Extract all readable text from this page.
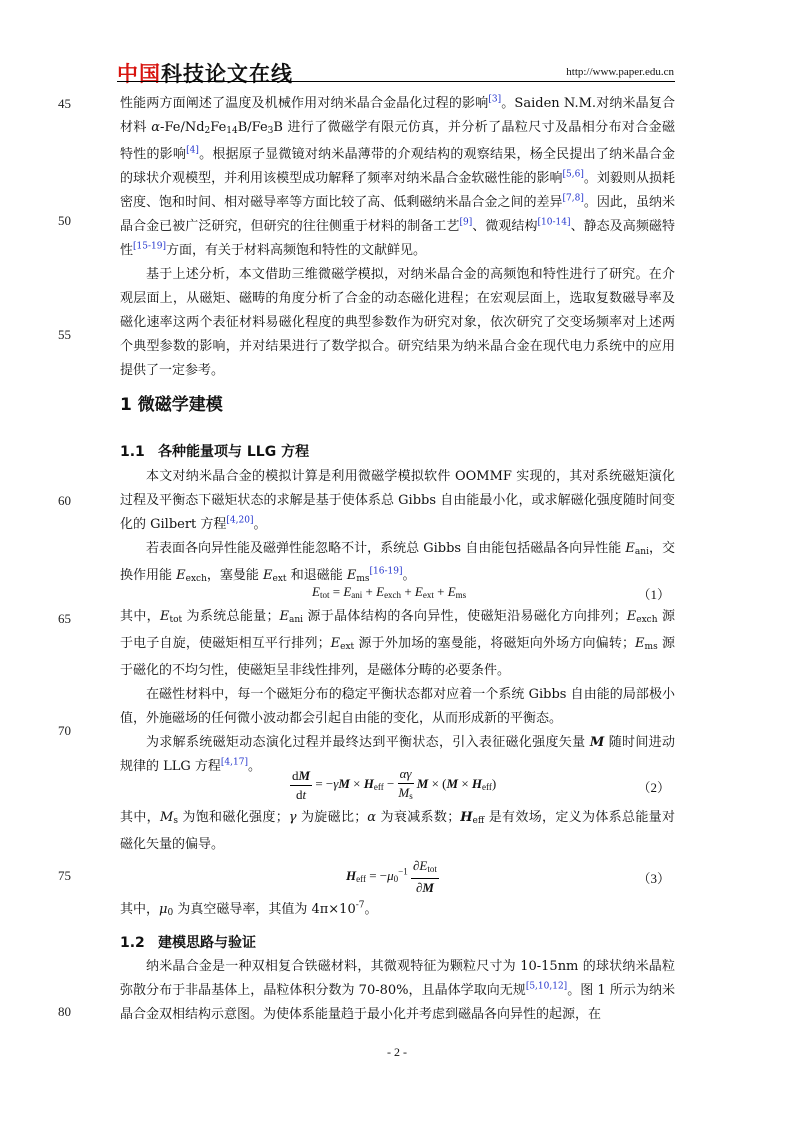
中国科技论文在线	http://www.paper.edu.cn
45
50
55
60
65
70
75
80

性能两方面阐述了温度及机械作用对纳米晶合金晶化过程的影响[3]。Saiden N.M.对纳米晶复合材料 $\alpha-Fe/Nd_2Fe_{14}B/Fe_3B$ 进行了微磁学有限元仿真，并分析了晶粒尺寸及晶相分布对合金磁特性的影响[4]。根据原子显微镜对纳米晶薄带的介观结构的观察结果，杨全民提出了纳米晶合金的球状介观模型，并利用该模型成功解释了频率对纳米晶合金软磁性能的影响[5,6]。刘毅则从损耗密度、饱和时间、相对磁导率等方面比较了高、低剩磁纳米晶合金之间的差异[7,8]。因此，虽纳米晶合金已被广泛研究，但研究的往往侧重于材料的制备工艺[9]、微观结构[10-14]、静态及高频磁特性[15-19]方面，有关于材料高频饱和特性的文献鲜见。

基于上述分析，本文借助三维微磁学模拟，对纳米晶合金的高频饱和特性进行了研究。在介观层面上，从磁矩、磁畴的角度分析了合金的动态磁化进程；在宏观层面上，选取复数磁导率及磁化速率这两个表征材料易磁化程度的典型参数作为研究对象，依次研究了交变场频率对上述两个典型参数的影响，并对结果进行了数学拟合。研究结果为纳米晶合金在现代电力系统中的应用提供了一定参考。

1 微磁学建模
1.1 各种能量项与 LLG 方程

本文对纳米晶合金的模拟计算是利用微磁学模拟软件 OOMMF 实现的，其对系统磁矩演化过程及平衡态下磁矩状态的求解是基于使体系总 Gibbs 自由能最小化，或求解磁化强度随时间变化的 Gilbert 方程[4,20]。

若表面各向异性能及磁弹性能忽略不计，系统总 Gibbs 自由能包括磁晶各向异性能 $E_{ani}$，交换作用能 $E_{exch}$，塞曼能 $E_{ext}$ 和退磁能 $E_{ms}[16-19]$。

$E_{tot} = E_{ani} + E_{exch} + E_{ext} + E_{ms}$	（1）

其中，$E_{tot}$ 为系统总能量；$E_{ani}$ 源于晶体结构的各向异性，使磁矩沿易磁化方向排列；$E_{exch}$ 源于电子自旋，使磁矩相互平行排列；$E_{ext}$ 源于外加场的塞曼能，将磁矩向外场方向偏转；$E_{ms}$ 源于磁化的不均匀性，使磁矩呈非线性排列，是磁体分畴的必要条件。

在磁性材料中，每一个磁矩分布的稳定平衡状态都对应着一个系统 Gibbs 自由能的局部极小值，外施磁场的任何微小波动都会引起自由能的变化，从而形成新的平衡态。

为求解系统磁矩动态演化过程并最终达到平衡状态，引入表征磁化强度矢量 M 随时间进动规律的 LLG 方程[4,17]。	$\frac{dM}{dt} = -\gamma M \times H_{eff} - \frac{\alpha\gamma}{M_s}$ $M \times (M \times H_{eff})$	（2）

其中，$M_s$ 为饱和磁化强度；γ 为旋磁比；α 为衰减系数；$H_{eff}$ 是有效场，定义为体系总能量对磁化矢量的偏导。

$H_{eff} = -\mu_0^{-1} \frac{\partial E_{tot}}{\partial M}$	（3）

其中，$\mu_0$ 为真空磁导率，其值为 $4\pi\times 10^{-7}$。

1.2 建模思路与验证

纳米晶合金是一种双相复合铁磁材料，其微观特征为颗粒尺寸为 10-15nm 的球状纳米晶粒弥散分布于非晶基体上，晶粒体积分数为 70-80%，且晶体学取向无规[5,10,12]。图 1 所示为纳米晶合金双相结构示意图。为使体系能量趋于最小化并考虑到磁晶各向异性的起源，在

- 2 -
